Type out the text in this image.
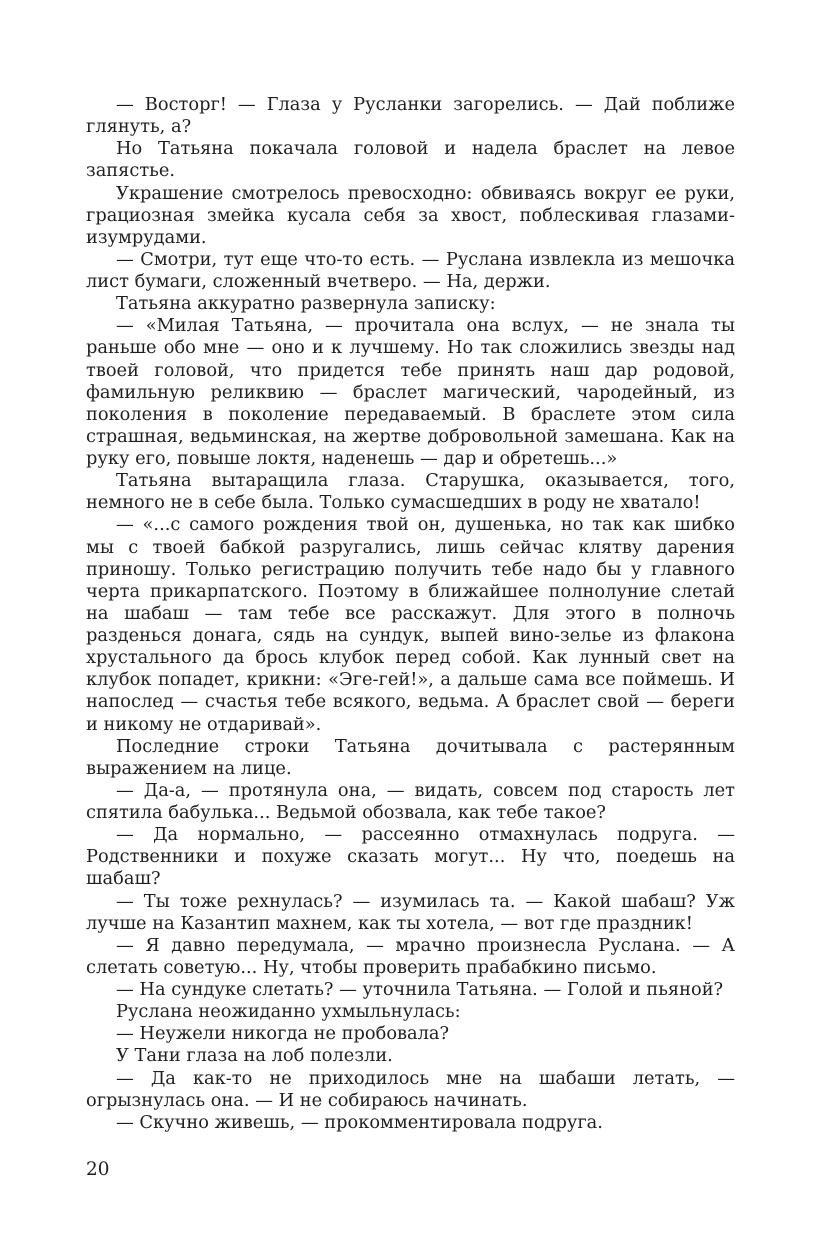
— Восторг! — Глаза у Русланки загорелись. — Дай поближе глянуть, а?

Но Татьяна покачала головой и надела браслет на левое запястье.

Украшение смотрелось превосходно: обвиваясь вокруг ее руки, грациозная змейка кусала себя за хвост, поблескивая глазами-изумрудами.

— Смотри, тут еще что-то есть. — Руслана извлекла из мешочка лист бумаги, сложенный вчетверо. — На, держи.

Татьяна аккуратно развернула записку:

— «Милая Татьяна, — прочитала она вслух, — не знала ты раньше обо мне — оно и к лучшему. Но так сложились звезды над твоей головой, что придется тебе принять наш дар родовой, фамильную реликвию — браслет магический, чародейный, из поколения в поколение передаваемый. В браслете этом сила страшная, ведьминская, на жертве добровольной замешана. Как на руку его, повыше локтя, наденешь — дар и обретешь...»

Татьяна вытаращила глаза. Старушка, оказывается, того, немного не в себе была. Только сумасшедших в роду не хватало!

— «...с самого рождения твой он, душенька, но так как шибко мы с твоей бабкой разругались, лишь сейчас клятву дарения приношу. Только регистрацию получить тебе надо бы у главного черта прикарпатского. Поэтому в ближайшее полнолуние слетай на шабаш — там тебе все расскажут. Для этого в полночь разденься донага, сядь на сундук, выпей вино-зелье из флакона хрустального да брось клубок перед собой. Как лунный свет на клубок попадет, крикни: «Эге-гей!», а дальше сама все поймешь. И напослед — счастья тебе всякого, ведьма. А браслет свой — береги и никому не отдаривай».

Последние строки Татьяна дочитывала с растерянным выражением на лице.

— Да-а, — протянула она, — видать, совсем под старость лет спятила бабулька... Ведьмой обозвала, как тебе такое?

— Да нормально, — рассеянно отмахнулась подруга. — Родственники и похуже сказать могут... Ну что, поедешь на шабаш?

— Ты тоже рехнулась? — изумилась та. — Какой шабаш? Уж лучше на Казантип махнем, как ты хотела, — вот где праздник!

— Я давно передумала, — мрачно произнесла Руслана. — А слетать советую... Ну, чтобы проверить прабабкино письмо.

— На сундуке слетать? — уточнила Татьяна. — Голой и пьяной?

Руслана неожиданно ухмыльнулась:

— Неужели никогда не пробовала?

У Тани глаза на лоб полезли.

— Да как-то не приходилось мне на шабаши летать, — огрызнулась она. — И не собираюсь начинать.

— Скучно живешь, — прокомментировала подруга.

20
